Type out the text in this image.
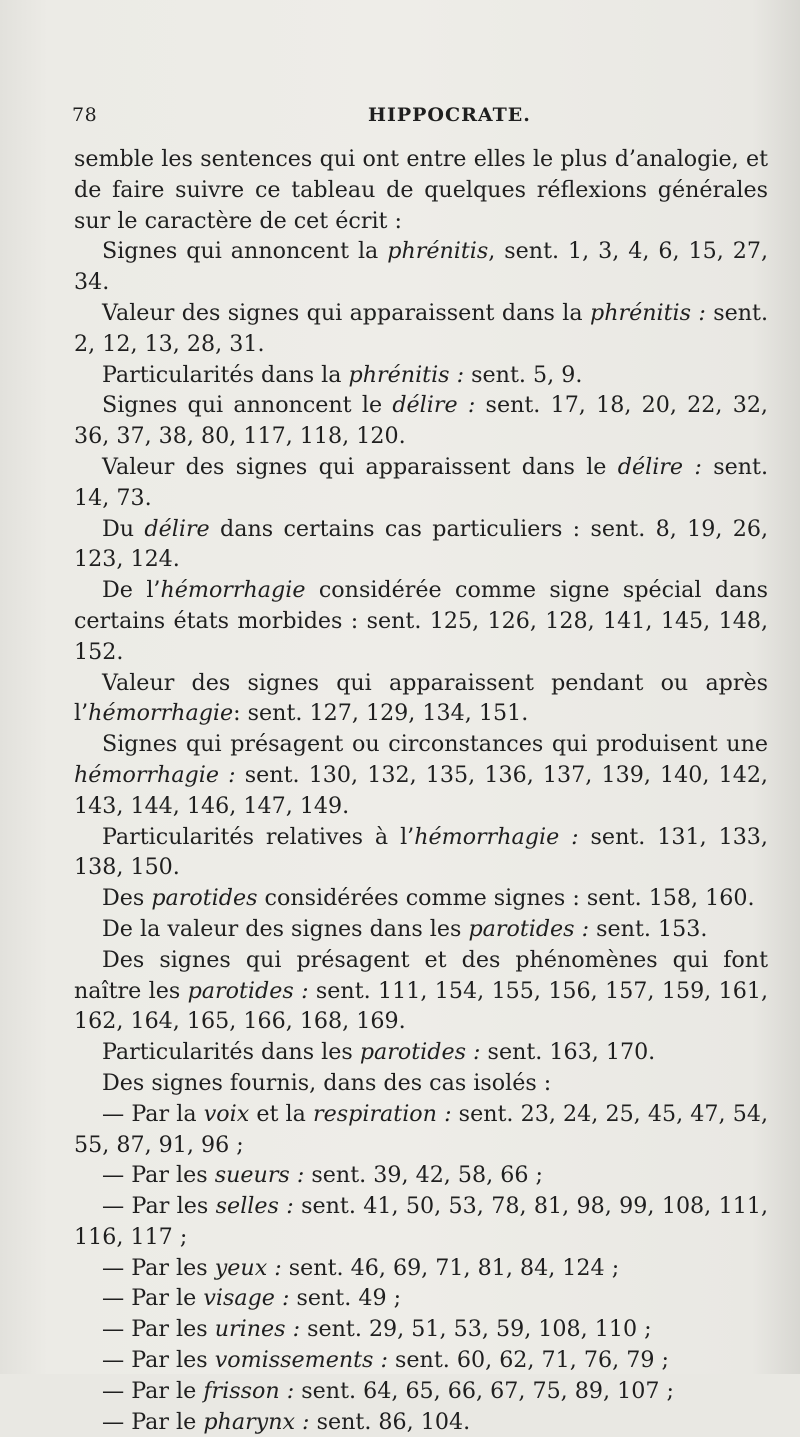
78	HIPPOCRATE.

semble les sentences qui ont entre elles le plus d’analogie, et de faire suivre ce tableau de quelques réflexions générales sur le caractère de cet écrit :

Signes qui annoncent la phrénitis, sent. 1, 3, 4, 6, 15, 27, 34.

Valeur des signes qui apparaissent dans la phrénitis : sent. 2, 12, 13, 28, 31.

Particularités dans la phrénitis : sent. 5, 9.

Signes qui annoncent le délire : sent. 17, 18, 20, 22, 32, 36, 37, 38, 80, 117, 118, 120.

Valeur des signes qui apparaissent dans le délire : sent. 14, 73.

Du délire dans certains cas particuliers : sent. 8, 19, 26, 123, 124.

De l’hémorrhagie considérée comme signe spécial dans certains états morbides : sent. 125, 126, 128, 141, 145, 148, 152.

Valeur des signes qui apparaissent pendant ou après l’hémorrhagie: sent. 127, 129, 134, 151.

Signes qui présagent ou circonstances qui produisent une hémorrhagie : sent. 130, 132, 135, 136, 137, 139, 140, 142, 143, 144, 146, 147, 149.

Particularités relatives à l’hémorrhagie : sent. 131, 133, 138, 150.

Des parotides considérées comme signes : sent. 158, 160.

De la valeur des signes dans les parotides : sent. 153.

Des signes qui présagent et des phénomènes qui font naître les parotides : sent. 111, 154, 155, 156, 157, 159, 161, 162, 164, 165, 166, 168, 169.

Particularités dans les parotides : sent. 163, 170.

Des signes fournis, dans des cas isolés :

— Par la voix et la respiration : sent. 23, 24, 25, 45, 47, 54, 55, 87, 91, 96 ;

— Par les sueurs : sent. 39, 42, 58, 66 ;

— Par les selles : sent. 41, 50, 53, 78, 81, 98, 99, 108, 111, 116, 117 ;

— Par les yeux : sent. 46, 69, 71, 81, 84, 124 ;

— Par le visage : sent. 49 ;

— Par les urines : sent. 29, 51, 53, 59, 108, 110 ;

— Par les vomissements : sent. 60, 62, 71, 76, 79 ;

— Par le frisson : sent. 64, 65, 66, 67, 75, 89, 107 ;

— Par le pharynx : sent. 86, 104.
